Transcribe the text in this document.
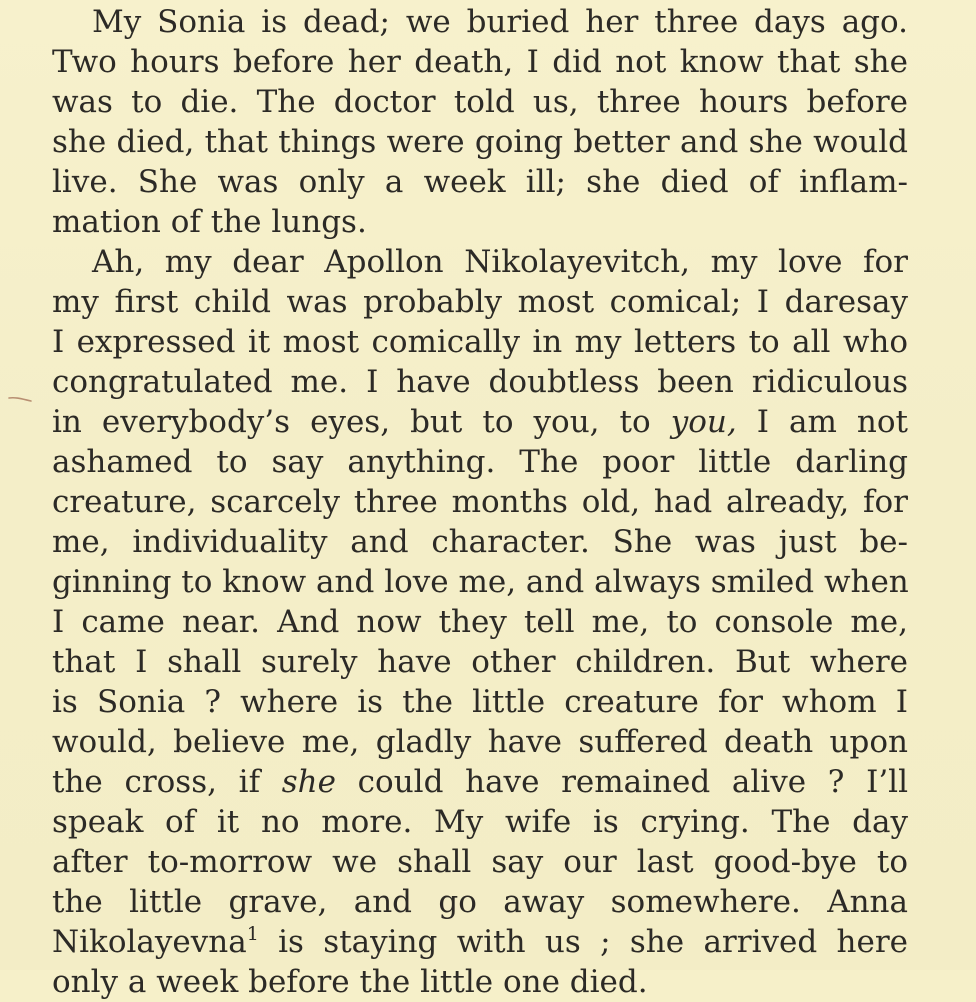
My Sonia is dead; we buried her three days ago.
Two hours before her death, I did not know that she
was to die. The doctor told us, three hours before
she died, that things were going better and she would
live. She was only a week ill; she died of inflam-
mation of the lungs.
Ah, my dear Apollon Nikolayevitch, my love for
my first child was probably most comical; I daresay
I expressed it most comically in my letters to all who
congratulated me. I have doubtless been ridiculous
in everybody’s eyes, but to you, to you, I am not
ashamed to say anything. The poor little darling
creature, scarcely three months old, had already, for
me, individuality and character. She was just be-
ginning to know and love me, and always smiled when
I came near. And now they tell me, to console me,
that I shall surely have other children. But where
is Sonia ? where is the little creature for whom I
would, believe me, gladly have suffered death upon
the cross, if she could have remained alive ? I’ll
speak of it no more. My wife is crying. The day
after to-morrow we shall say our last good-bye to
the little grave, and go away somewhere. Anna
Nikolayevna$^1$ is staying with us ; she arrived here
only a week before the little one died.
